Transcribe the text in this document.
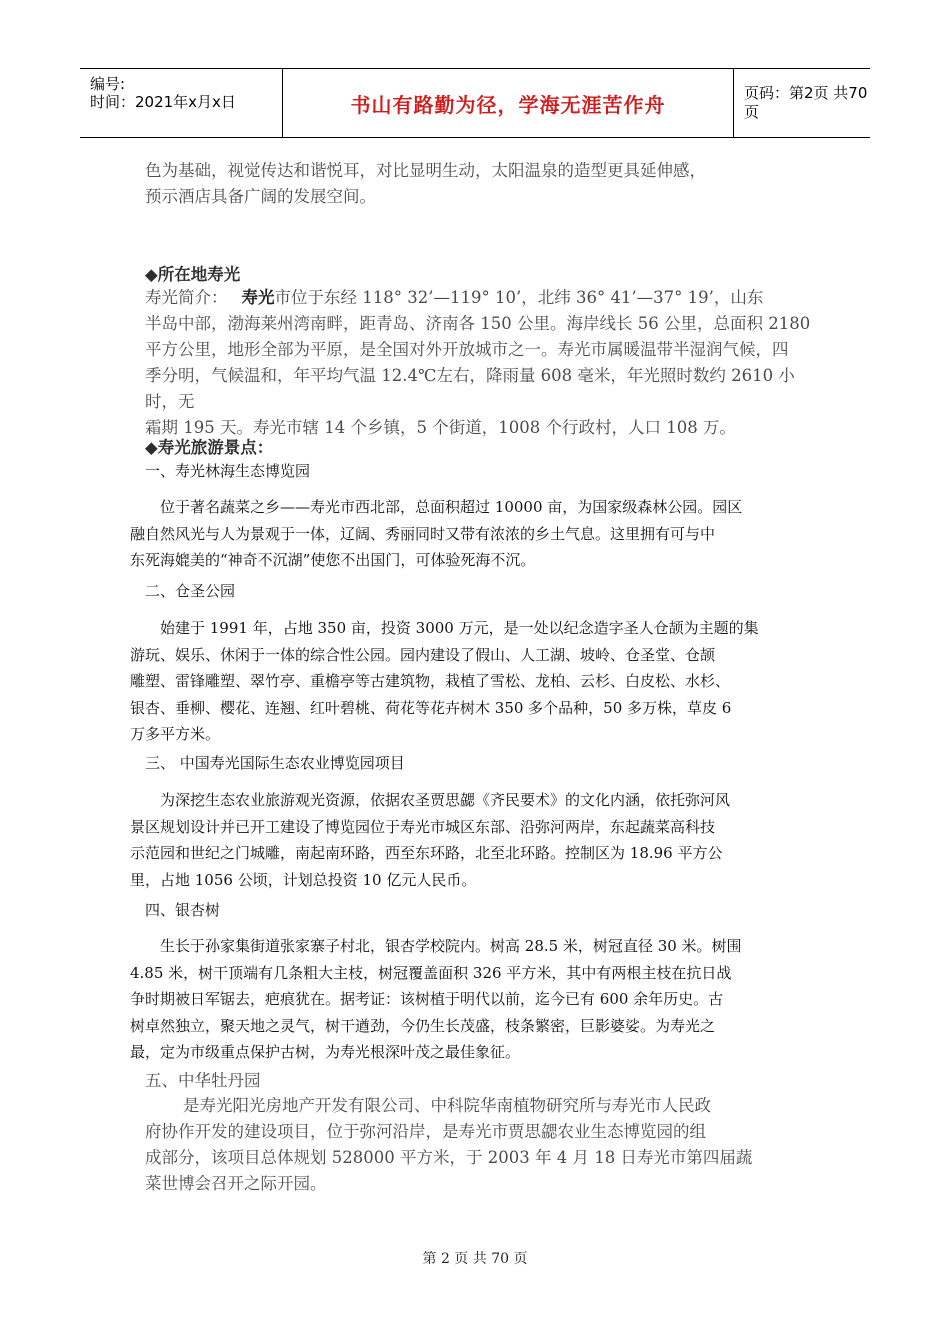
编号:
时间：2021年x月x日	书山有路勤为径，学海无涯苦作舟	页码：第2页 共70页
色为基础，视觉传达和谐悦耳，对比显明生动，太阳温泉的造型更具延伸感，
预示酒店具备广阔的发展空间。
◆所在地寿光
寿光简介： 寿光市位于东经 118° 32’—119° 10’，北纬 36° 41’—37° 19’，山东
半岛中部，渤海莱州湾南畔，距青岛、济南各 150 公里。海岸线长 56 公里，总面积 2180
平方公里，地形全部为平原，是全国对外开放城市之一。寿光市属暖温带半湿润气候，四
季分明，气候温和，年平均气温 12.4℃左右，降雨量 608 毫米，年光照时数约 2610 小时，无
霜期 195 天。寿光市辖 14 个乡镇，5 个街道，1008 个行政村，人口 108 万。
◆寿光旅游景点：
一、寿光林海生态博览园
位于著名蔬菜之乡——寿光市西北部，总面积超过 10000 亩，为国家级森林公园。园区
融自然风光与人为景观于一体，辽阔、秀丽同时又带有浓浓的乡土气息。这里拥有可与中
东死海媲美的“神奇不沉湖”使您不出国门，可体验死海不沉。
二、仓圣公园
始建于 1991 年，占地 350 亩，投资 3000 万元，是一处以纪念造字圣人仓颉为主题的集
游玩、娱乐、休闲于一体的综合性公园。园内建设了假山、人工湖、坡岭、仓圣堂、仓颉
雕塑、雷锋雕塑、翠竹亭、重檐亭等古建筑物，栽植了雪松、龙柏、云杉、白皮松、水杉、
银杏、垂柳、樱花、连翘、红叶碧桃、荷花等花卉树木 350 多个品种，50 多万株，草皮 6
万多平方米。
三、 中国寿光国际生态农业博览园项目
为深挖生态农业旅游观光资源，依据农圣贾思勰《齐民要术》的文化内涵，依托弥河风
景区规划设计并已开工建设了博览园位于寿光市城区东部、沿弥河两岸，东起蔬菜高科技
示范园和世纪之门城雕，南起南环路，西至东环路，北至北环路。控制区为 18.96 平方公
里，占地 1056 公顷，计划总投资 10 亿元人民币。
四、银杏树
生长于孙家集街道张家寨子村北，银杏学校院内。树高 28.5 米，树冠直径 30 米。树围
4.85 米，树干顶端有几条粗大主枝，树冠覆盖面积 326 平方米，其中有两根主枝在抗日战
争时期被日军锯去，疤痕犹在。据考证：该树植于明代以前，迄今已有 600 余年历史。古
树卓然独立，聚天地之灵气，树干遒劲，今仍生长茂盛，枝条繁密，巨影婆娑。为寿光之
最，定为市级重点保护古树，为寿光根深叶茂之最佳象征。
五、中华牡丹园
是寿光阳光房地产开发有限公司、中科院华南植物研究所与寿光市人民政
府协作开发的建设项目，位于弥河沿岸，是寿光市贾思勰农业生态博览园的组
成部分，该项目总体规划 528000 平方米，于 2003 年 4 月 18 日寿光市第四届蔬
菜世博会召开之际开园。
第 2 页 共 70 页
